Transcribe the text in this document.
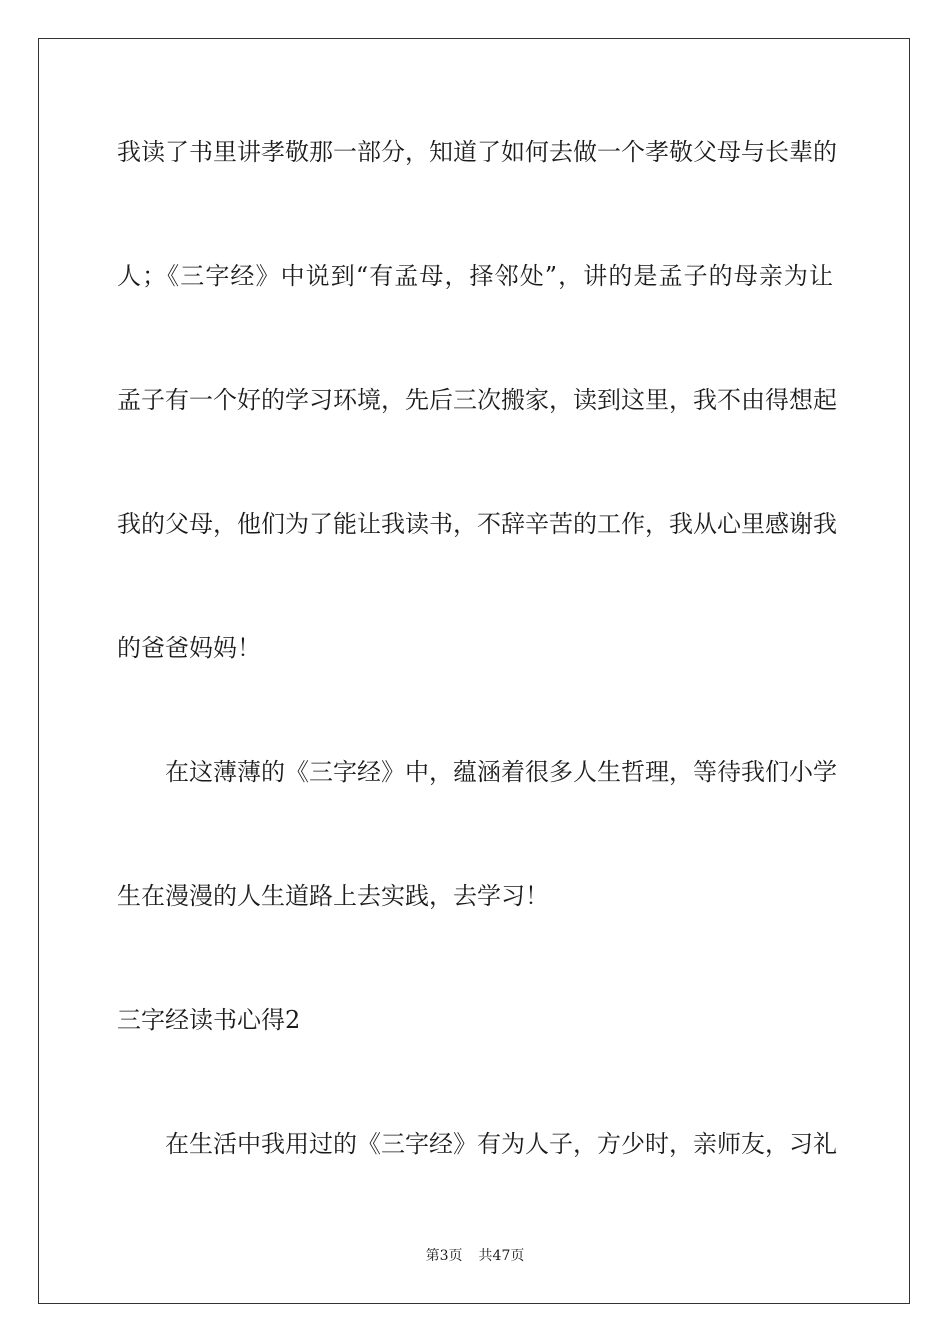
我读了书里讲孝敬那一部分，知道了如何去做一个孝敬父母与长辈的
人；《三字经》中说到“有孟母，择邻处”，讲的是孟子的母亲为让
孟子有一个好的学习环境，先后三次搬家，读到这里，我不由得想起
我的父母，他们为了能让我读书，不辞辛苦的工作，我从心里感谢我
的爸爸妈妈！
在这薄薄的《三字经》中，蕴涵着很多人生哲理，等待我们小学
生在漫漫的人生道路上去实践，去学习！
三字经读书心得2
在生活中我用过的《三字经》有为人子，方少时，亲师友，习礼
第3页 共47页
